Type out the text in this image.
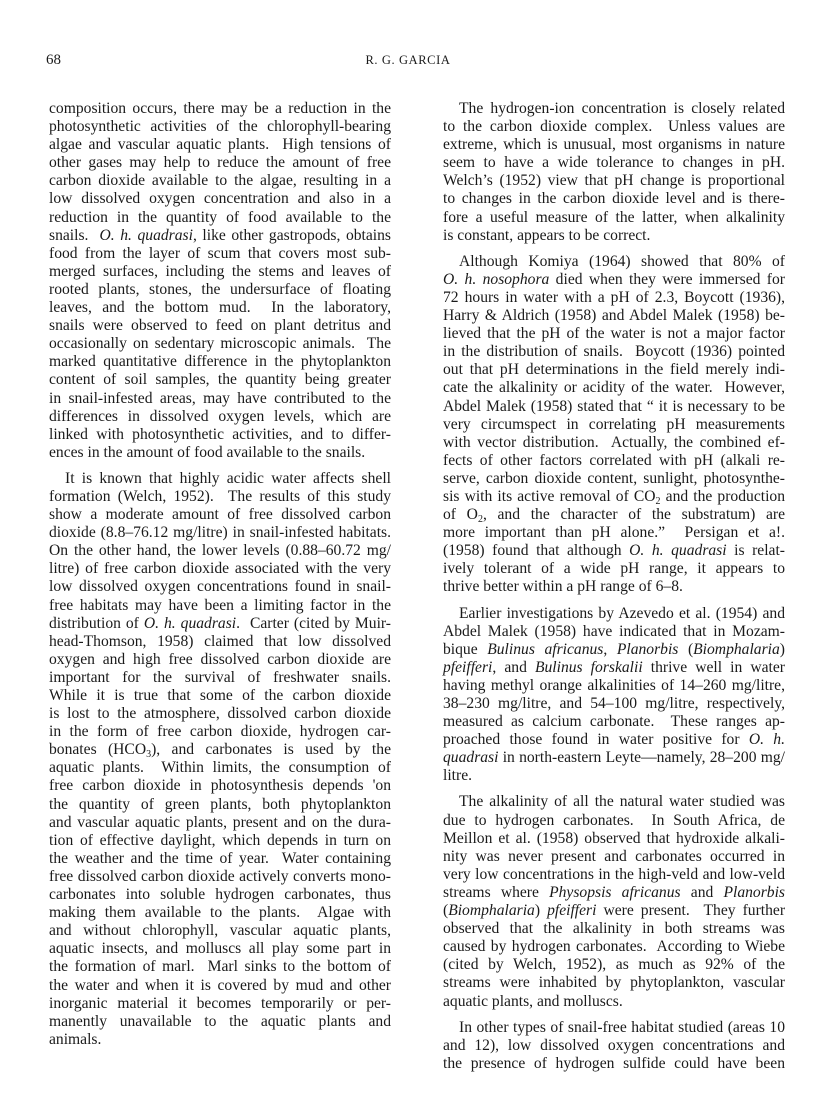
68	R. G. GARCIA
composition occurs, there may be a reduction in the
photosynthetic activities of the chlorophyll-bearing
algae and vascular aquatic plants.  High tensions of
other gases may help to reduce the amount of free
carbon dioxide available to the algae, resulting in a
low dissolved oxygen concentration and also in a
reduction in the quantity of food available to the
snails.  O. h. quadrasi, like other gastropods, obtains
food from the layer of scum that covers most sub-
merged surfaces, including the stems and leaves of
rooted plants, stones, the undersurface of floating
leaves, and the bottom mud.  In the laboratory,
snails were observed to feed on plant detritus and
occasionally on sedentary microscopic animals.  The
marked quantitative difference in the phytoplankton
content of soil samples, the quantity being greater
in snail-infested areas, may have contributed to the
differences in dissolved oxygen levels, which are
linked with photosynthetic activities, and to differ-
ences in the amount of food available to the snails.
It is known that highly acidic water affects shell
formation (Welch, 1952).  The results of this study
show a moderate amount of free dissolved carbon
dioxide (8.8–76.12 mg/litre) in snail-infested habitats.
On the other hand, the lower levels (0.88–60.72 mg/
litre) of free carbon dioxide associated with the very
low dissolved oxygen concentrations found in snail-
free habitats may have been a limiting factor in the
distribution of O. h. quadrasi.  Carter (cited by Muir-
head-Thomson, 1958) claimed that low dissolved
oxygen and high free dissolved carbon dioxide are
important for the survival of freshwater snails.
While it is true that some of the carbon dioxide
is lost to the atmosphere, dissolved carbon dioxide
in the form of free carbon dioxide, hydrogen car-
bonates $(HCO_3)$, and carbonates is used by the
aquatic plants.  Within limits, the consumption of
free carbon dioxide in photosynthesis depends 'on
the quantity of green plants, both phytoplankton
and vascular aquatic plants, present and on the dura-
tion of effective daylight, which depends in turn on
the weather and the time of year.  Water containing
free dissolved carbon dioxide actively converts mono-
carbonates into soluble hydrogen carbonates, thus
making them available to the plants.  Algae with
and without chlorophyll, vascular aquatic plants,
aquatic insects, and molluscs all play some part in
the formation of marl.  Marl sinks to the bottom of
the water and when it is covered by mud and other
inorganic material it becomes temporarily or per-
manently unavailable to the aquatic plants and
animals.
The hydrogen-ion concentration is closely related
to the carbon dioxide complex.  Unless values are
extreme, which is unusual, most organisms in nature
seem to have a wide tolerance to changes in pH.
Welch’s (1952) view that pH change is proportional
to changes in the carbon dioxide level and is there-
fore a useful measure of the latter, when alkalinity
is constant, appears to be correct.
Although Komiya (1964) showed that 80% of
O. h. nosophora died when they were immersed for
72 hours in water with a pH of 2.3, Boycott (1936),
Harry & Aldrich (1958) and Abdel Malek (1958) be-
lieved that the pH of the water is not a major factor
in the distribution of snails.  Boycott (1936) pointed
out that pH determinations in the field merely indi-
cate the alkalinity or acidity of the water.  However,
Abdel Malek (1958) stated that “ it is necessary to be
very circumspect in correlating pH measurements
with vector distribution.  Actually, the combined ef-
fects of other factors correlated with pH (alkali re-
serve, carbon dioxide content, sunlight, photosynthe-
sis with its active removal of $CO_2$ and the production
of $O_2$, and the character of the substratum) are
more important than pH alone.”  Persigan et a!.
(1958) found that although O. h. quadrasi is relat-
ively tolerant of a wide pH range, it appears to
thrive better within a pH range of 6–8.
Earlier investigations by Azevedo et al. (1954) and
Abdel Malek (1958) have indicated that in Mozam-
bique Bulinus africanus, Planorbis (Biomphalaria)
pfeifferi, and Bulinus forskalii thrive well in water
having methyl orange alkalinities of 14–260 mg/litre,
38–230 mg/litre, and 54–100 mg/litre, respectively,
measured as calcium carbonate.  These ranges ap-
proached those found in water positive for O. h.
quadrasi in north-eastern Leyte—namely, 28–200 mg/
litre.
The alkalinity of all the natural water studied was
due to hydrogen carbonates.  In South Africa, de
Meillon et al. (1958) observed that hydroxide alkali-
nity was never present and carbonates occurred in
very low concentrations in the high-veld and low-veld
streams where Physopsis africanus and Planorbis
(Biomphalaria) pfeifferi were present.  They further
observed that the alkalinity in both streams was
caused by hydrogen carbonates.  According to Wiebe
(cited by Welch, 1952), as much as 92% of the
streams were inhabited by phytoplankton, vascular
aquatic plants, and molluscs.
In other types of snail-free habitat studied (areas 10
and 12), low dissolved oxygen concentrations and
the presence of hydrogen sulfide could have been
